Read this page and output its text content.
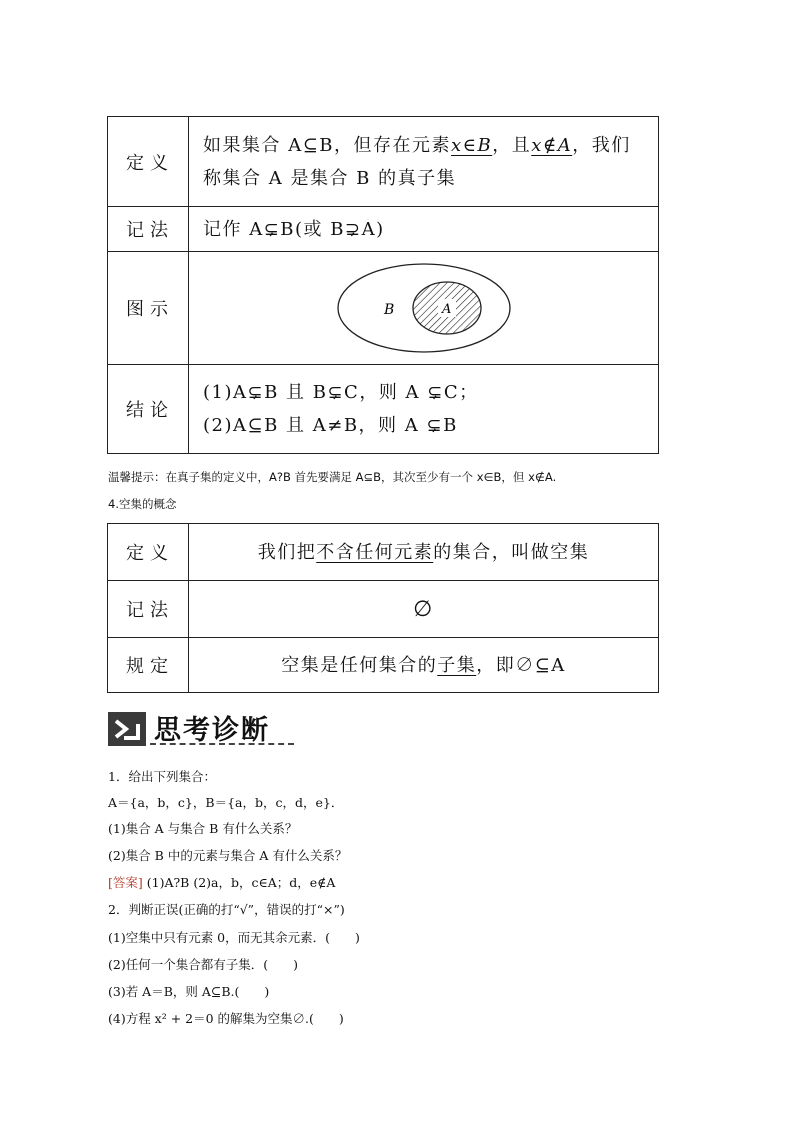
定义	如果集合 A⊆B，但存在元素x∈B，且x∉A，我们称集合 A 是集合 B 的真子集
记法	记作 A⊊B(或 B⊋A)
图示	B A

结论	(1)A⊊B 且 B⊊C，则 A ⊊C；
(2)A⊆B 且 A≠B，则 A ⊊B
温馨提示：在真子集的定义中，A?B 首先要满足 A⊆B，其次至少有一个 x∈B，但 x∉A.
4.空集的概念
定义	我们把不含任何元素的集合，叫做空集
记法	∅
规定	空集是任何集合的子集，即∅⊆A
思考诊断
1．给出下列集合：
A＝{a，b，c}，B＝{a，b，c，d，e}．
(1)集合 A 与集合 B 有什么关系？
(2)集合 B 中的元素与集合 A 有什么关系？
[答案] (1)A?B (2)a，b，c∈A；d，e∉A
2．判断正误(正确的打“√”，错误的打“×”)
(1)空集中只有元素 0，而无其余元素．(　　)
(2)任何一个集合都有子集．(　　)
(3)若 A＝B，则 A⊆B.(　　)
(4)方程 x² + 2＝0 的解集为空集∅.(　　)
